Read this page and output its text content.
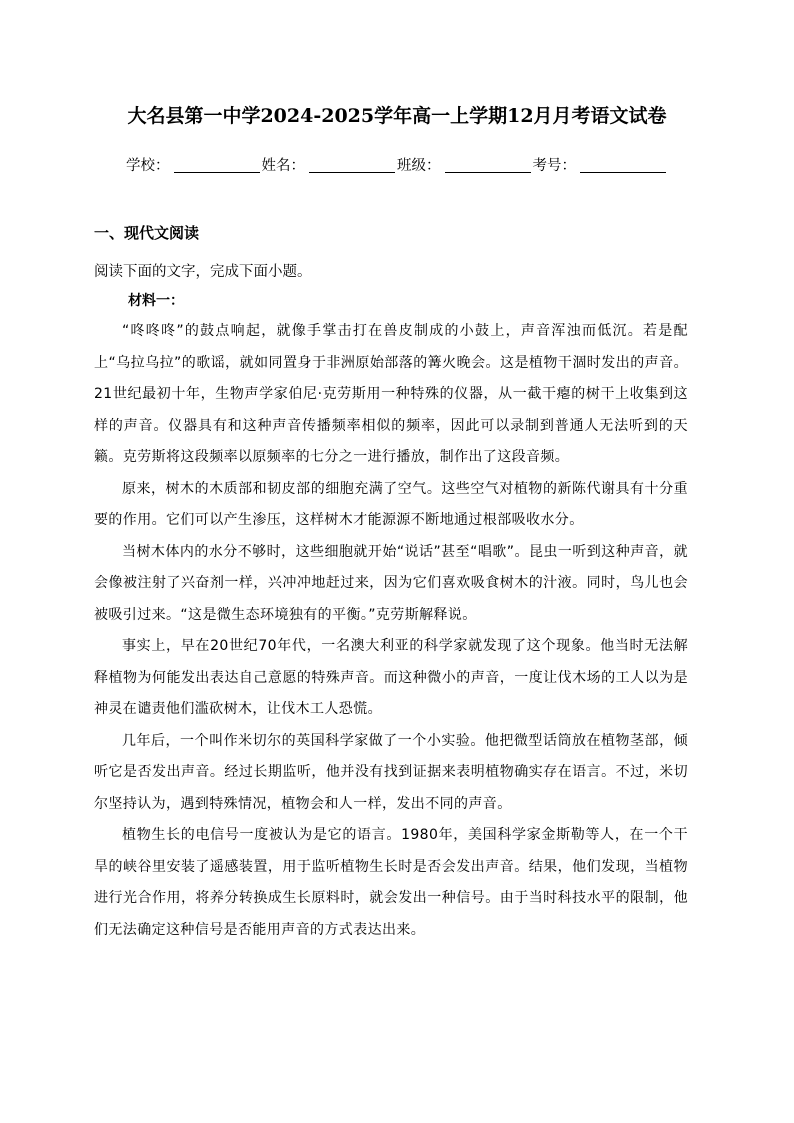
大名县第一中学2024-2025学年高一上学期12月月考语文试卷
学校：	姓名：	班级：	考号：
一、现代文阅读
阅读下面的文字，完成下面小题。
材料一：

“咚咚咚”的鼓点响起，就像手掌击打在兽皮制成的小鼓上，声音浑浊而低沉。若是配上“乌拉乌拉”的歌谣，就如同置身于非洲原始部落的篝火晚会。这是植物干涸时发出的声音。21世纪最初十年，生物声学家伯尼·克劳斯用一种特殊的仪器，从一截干瘪的树干上收集到这样的声音。仪器具有和这种声音传播频率相似的频率，因此可以录制到普通人无法听到的天籁。克劳斯将这段频率以原频率的七分之一进行播放，制作出了这段音频。

原来，树木的木质部和韧皮部的细胞充满了空气。这些空气对植物的新陈代谢具有十分重要的作用。它们可以产生渗压，这样树木才能源源不断地通过根部吸收水分。

当树木体内的水分不够时，这些细胞就开始“说话”甚至“唱歌”。昆虫一听到这种声音，就会像被注射了兴奋剂一样，兴冲冲地赶过来，因为它们喜欢吸食树木的汁液。同时，鸟儿也会被吸引过来。“这是微生态环境独有的平衡。”克劳斯解释说。

事实上，早在20世纪70年代，一名澳大利亚的科学家就发现了这个现象。他当时无法解释植物为何能发出表达自己意愿的特殊声音。而这种微小的声音，一度让伐木场的工人以为是神灵在谴责他们滥砍树木，让伐木工人恐慌。

几年后，一个叫作米切尔的英国科学家做了一个小实验。他把微型话筒放在植物茎部，倾听它是否发出声音。经过长期监听，他并没有找到证据来表明植物确实存在语言。不过，米切尔坚持认为，遇到特殊情况，植物会和人一样，发出不同的声音。

植物生长的电信号一度被认为是它的语言。1980年，美国科学家金斯勒等人，在一个干旱的峡谷里安装了遥感装置，用于监听植物生长时是否会发出声音。结果，他们发现，当植物进行光合作用，将养分转换成生长原料时，就会发出一种信号。由于当时科技水平的限制，他们无法确定这种信号是否能用声音的方式表达出来。
